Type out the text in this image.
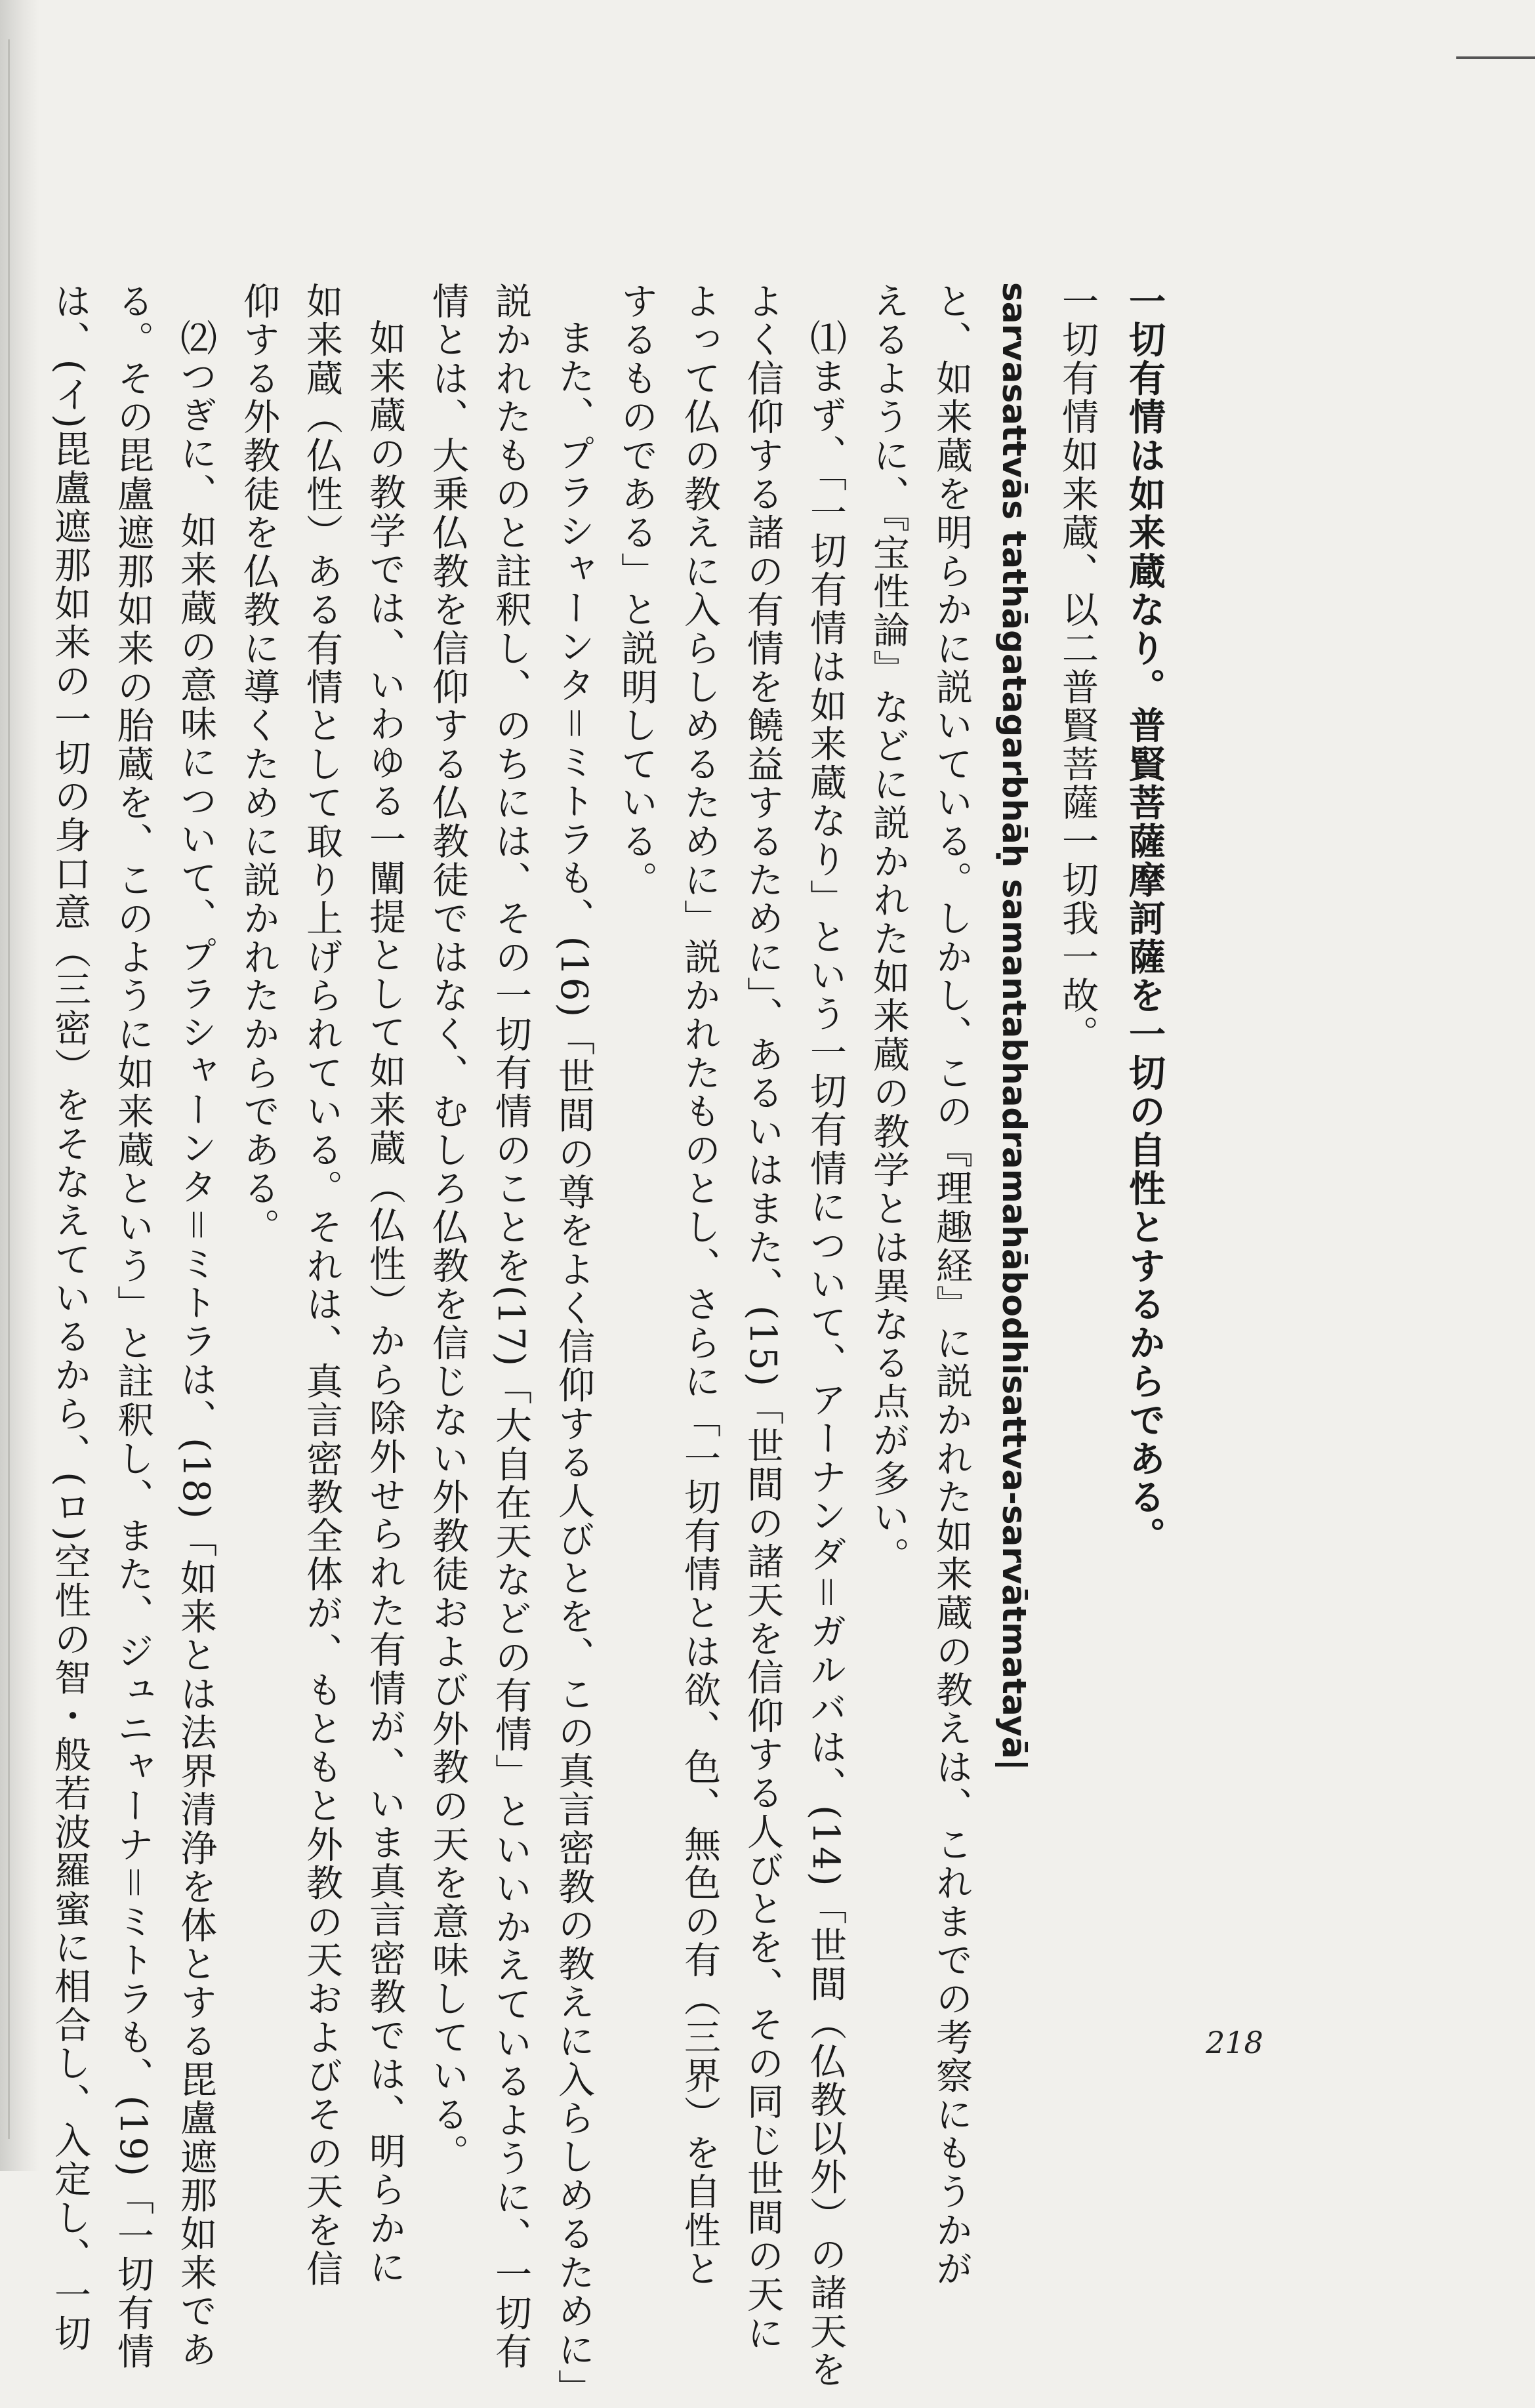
一切有情は如来蔵なり。普賢菩薩摩訶薩を一切の自性とするからである。
一切有情如来蔵、以二普賢菩薩一切我一故。
sarvasattvās tathāgatagarbhāḥ samantabhadramahābodhisattva-sarvātmatayā|
と、如来蔵を明らかに説いている。しかし、この『理趣経』に説かれた如来蔵の教えは、これまでの考察にもうかが
えるように、『宝性論』などに説かれた如来蔵の教学とは異なる点が多い。
⑴まず、「一切有情は如来蔵なり」という一切有情について、アーナンダ＝ガルバは、(14)「世間（仏教以外）の諸天を
よく信仰する諸の有情を饒益するために」、あるいはまた、(15)「世間の諸天を信仰する人びとを、その同じ世間の天に
よって仏の教えに入らしめるために」説かれたものとし、さらに「一切有情とは欲、色、無色の有（三界）を自性と
するものである」と説明している。
また、プラシャーンタ＝ミトラも、(16)「世間の尊をよく信仰する人びとを、この真言密教の教えに入らしめるために」
説かれたものと註釈し、のちには、その一切有情のことを(17)「大自在天などの有情」といいかえているように、一切有
情とは、大乗仏教を信仰する仏教徒ではなく、むしろ仏教を信じない外教徒および外教の天を意味している。
如来蔵の教学では、いわゆる一闡提として如来蔵（仏性）から除外せられた有情が、いま真言密教では、明らかに
如来蔵（仏性）ある有情として取り上げられている。それは、真言密教全体が、もともと外教の天およびその天を信
仰する外教徒を仏教に導くために説かれたからである。
⑵つぎに、如来蔵の意味について、プラシャーンタ＝ミトラは、(18)「如来とは法界清浄を体とする毘盧遮那如来であ
る。その毘盧遮那如来の胎蔵を、このように如来蔵という」と註釈し、また、ジュニャーナ＝ミトラも、(19)「一切有情
は、(イ)毘盧遮那如来の一切の身口意（三密）をそなえているから、(ロ)空性の智・般若波羅蜜に相合し、入定し、一切	218
